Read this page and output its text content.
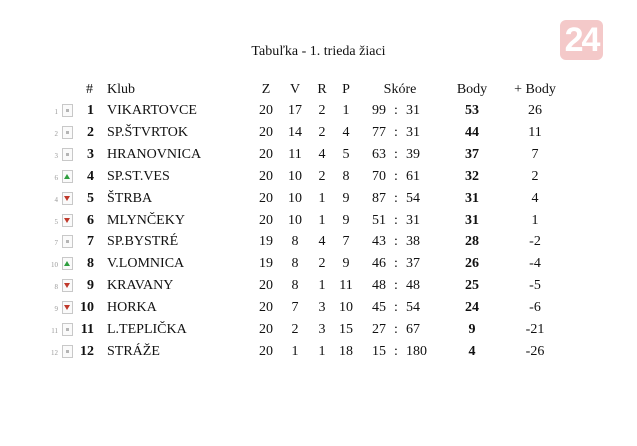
24
Tabuľka - 1. trieda žiaci
# Klub	Z	V	R	P	Skóre	Body	+ Body
1	1 VIKARTOVCE	20 17	2	1	99 : 31	53	26
2	2 SP.ŠTVRTOK	20 14	2	4	77 : 31	44	11
3	3 HRANOVNICA	20 11	4	5	63 : 39	37	7
6	4 SP.ST.VES	20 10	2	8	70 : 61	32	2
4	5 ŠTRBA	20 10	1	9	87 : 54	31	4
5	6 MLYNČEKY	20 10	1	9	51 : 31	31	1
7	7 SP.BYSTRÉ	19	8	4	7	43 : 38	28	-2
10	8 V.LOMNICA	19	8	2	9	46 : 37	26	-4
8	9 KRAVANY	20	8	1 11	48 : 48	25	-5
9 10 HORKA	20	7	3 10	45 : 54	24	-6
11 11 L.TEPLIČKA	20	2	3 15	27 : 67	9	-21
12 12 STRÁŽE	20	1	1 18	15 : 180	4	-26
